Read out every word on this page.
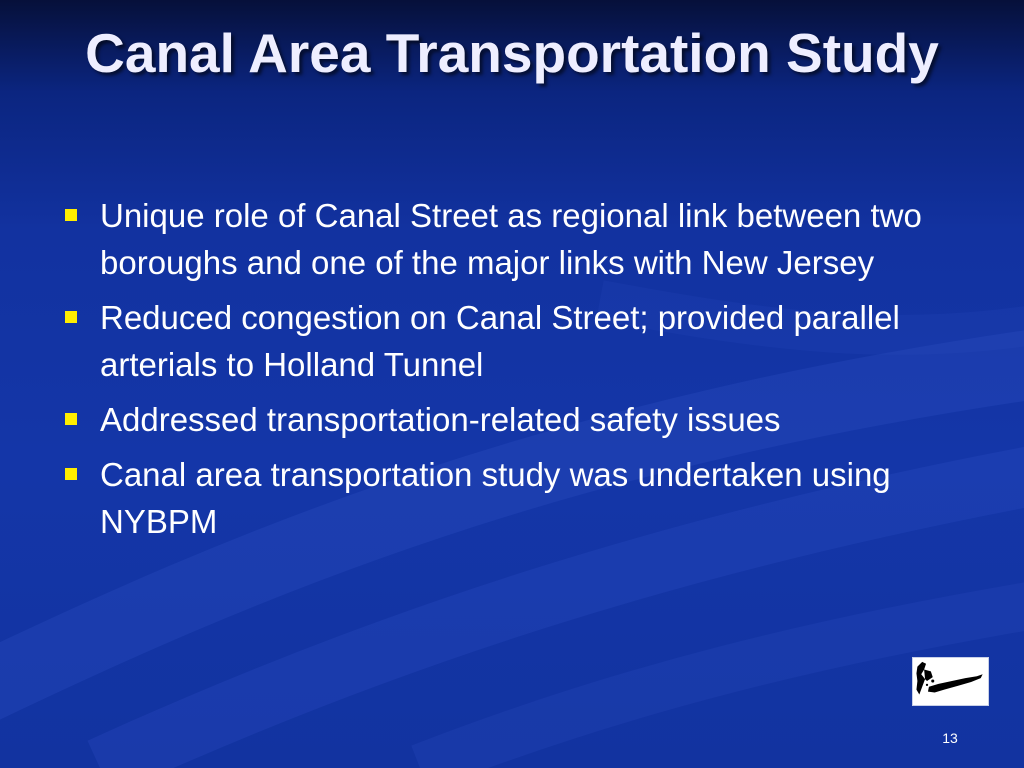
Canal Area Transportation Study
Unique role of Canal Street as regional link between two boroughs and one of the major links with New Jersey
Reduced congestion on Canal Street; provided parallel arterials to Holland Tunnel
Addressed transportation-related safety issues
Canal area transportation study was undertaken using NYBPM
13
